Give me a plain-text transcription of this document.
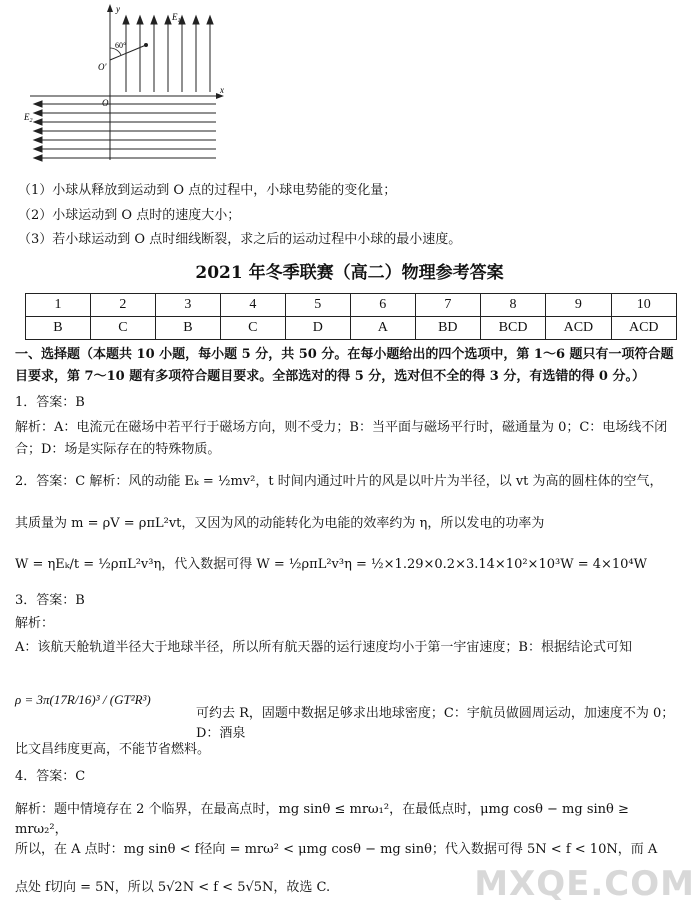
y
$E_1$
60°
O'
x
O
$E_2$
（1）小球从释放到运动到 O 点的过程中，小球电势能的变化量；
（2）小球运动到 O 点时的速度大小；
（3）若小球运动到 O 点时细线断裂，求之后的运动过程中小球的最小速度。
2021 年冬季联赛（高二）物理参考答案
1	2	3	4	5	6	7	8	9	10
B	C	B	C	D	A	BD	BCD	ACD	ACD
一、选择题（本题共 10 小题，每小题 5 分，共 50 分。在每小题给出的四个选项中，第 1～6 题只有一项符合题目要求，第 7～10 题有多项符合题目要求。全部选对的得 5 分，选对但不全的得 3 分，有选错的得 0 分。）
1．答案：B
解析：A：电流元在磁场中若平行于磁场方向，则不受力；B：当平面与磁场平行时，磁通量为 0；C：电场线不闭合；D：场是实际存在的特殊物质。
2．答案：C 解析：风的动能 Eₖ = ½mv²，t 时间内通过叶片的风是以叶片为半径，以 vt 为高的圆柱体的空气，
其质量为 m = ρV = ρπL²vt，又因为风的动能转化为电能的效率约为 η，所以发电的功率为
W = ηEₖ/t = ½ρπL²v³η，代入数据可得 W = ½ρπL²v³η = ½×1.29×0.2×3.14×10²×10³W = 4×10⁴W
3．答案：B
解析：
A：该航天舱轨道半径大于地球半径，所以所有航天器的运行速度均小于第一宇宙速度；B：根据结论式可知
ρ = 3π(17R/16)³ / (GT²R³)
可约去 R，固题中数据足够求出地球密度；C：宇航员做圆周运动，加速度不为 0；D：酒泉
比文昌纬度更高，不能节省燃料。
4．答案：C
解析：题中情境存在 2 个临界，在最高点时，mg sinθ ≤ mrω₁²，在最低点时，μmg cosθ − mg sinθ ≥ mrω₂²，
所以，在 A 点时：mg sinθ < f径向 = mrω² < μmg cosθ − mg sinθ；代入数据可得 5N < f < 10N，而 A
点处 f切向 = 5N，所以 5√2N < f < 5√5N，故选 C.	MXQE.COM
